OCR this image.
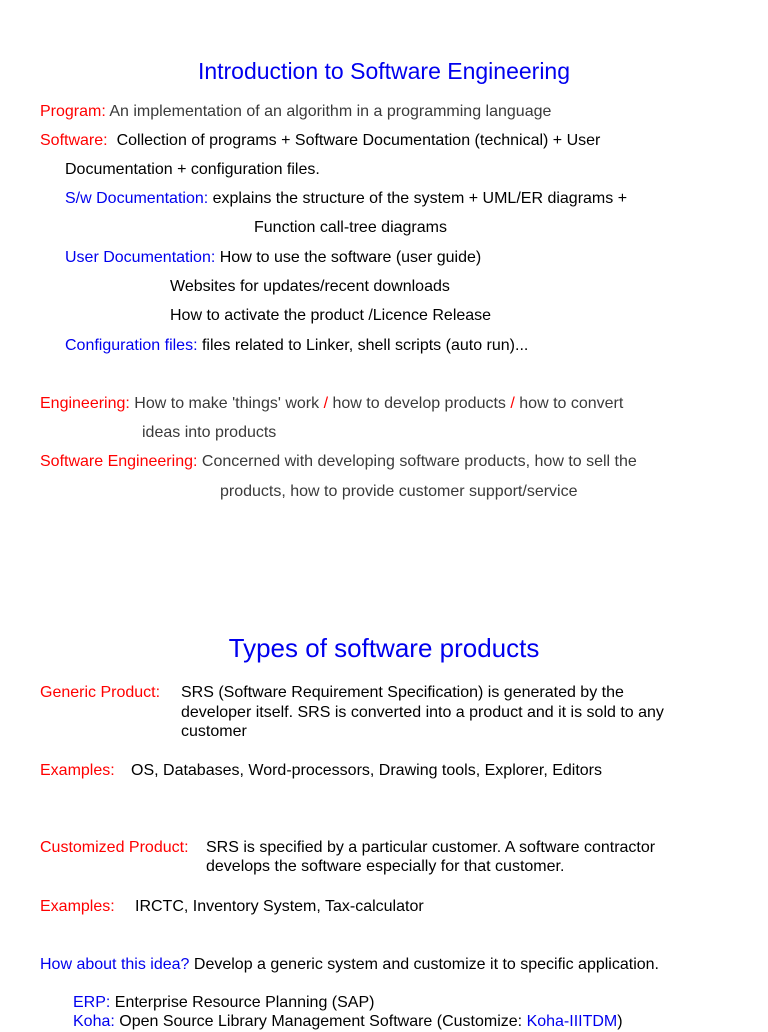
Introduction to Software Engineering
Program: An implementation of an algorithm in a programming language
Software: Collection of programs + Software Documentation (technical) + User
Documentation + configuration files.
S/w Documentation: explains the structure of the system + UML/ER diagrams +
Function call-tree diagrams
User Documentation: How to use the software (user guide)
Websites for updates/recent downloads
How to activate the product /Licence Release
Configuration files: files related to Linker, shell scripts (auto run)...
Engineering: How to make 'things' work / how to develop products / how to convert
ideas into products
Software Engineering: Concerned with developing software products, how to sell the
products, how to provide customer support/service
Types of software products
Generic Product: SRS (Software Requirement Specification) is generated by the
developer itself. SRS is converted into a product and it is sold to any
customer
Examples: OS, Databases, Word-processors, Drawing tools, Explorer, Editors
Customized Product: SRS is specified by a particular customer. A software contractor
develops the software especially for that customer.
Examples: IRCTC, Inventory System, Tax-calculator
How about this idea? Develop a generic system and customize it to specific application.
ERP: Enterprise Resource Planning (SAP)
Koha: Open Source Library Management Software (Customize: Koha-IIITDM)
